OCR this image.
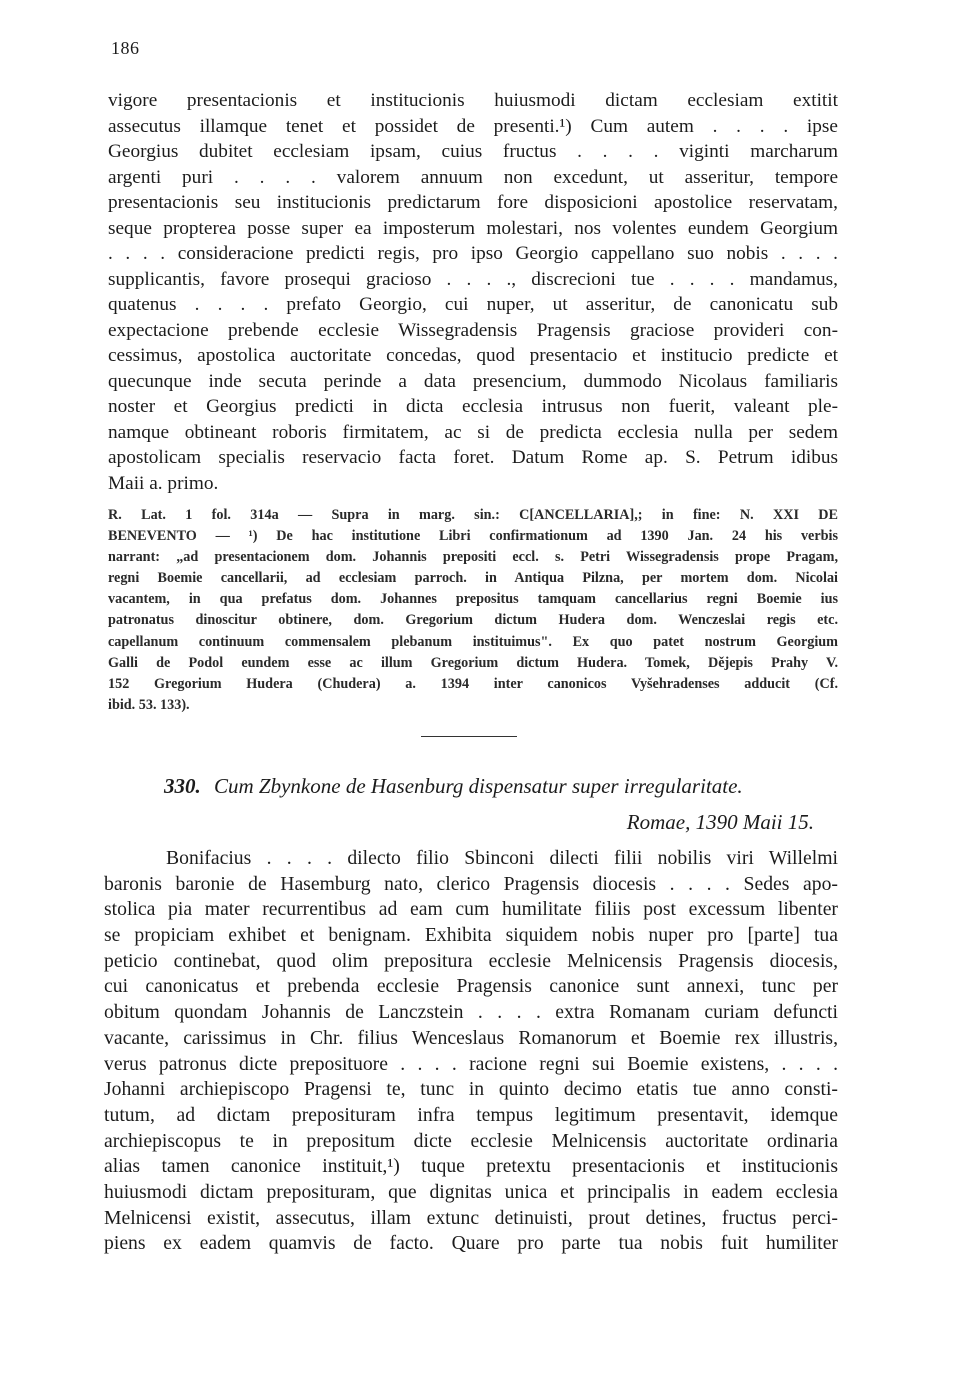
186
vigore presentacionis et institucionis huiusmodi dictam ecclesiam extitit
assecutus illamque tenet et possidet de presenti.¹) Cum autem . . . . ipse
Georgius dubitet ecclesiam ipsam, cuius fructus . . . . viginti marcharum
argenti puri . . . . valorem annuum non excedunt, ut asseritur, tempore
presentacionis seu institucionis predictarum fore disposicioni apostolice reservatam,
seque propterea posse super ea imposterum molestari, nos volentes eundem Georgium
. . . . consideracione predicti regis, pro ipso Georgio cappellano suo nobis . . . .
supplicantis, favore prosequi gracioso . . . ., discrecioni tue . . . . mandamus,
quatenus . . . . prefato Georgio, cui nuper, ut asseritur, de canonicatu sub
expectacione prebende ecclesie Wissegradensis Pragensis graciose provideri con-
cessimus, apostolica auctoritate concedas, quod presentacio et institucio predicte et
quecunque inde secuta perinde a data presencium, dummodo Nicolaus familiaris
noster et Georgius predicti in dicta ecclesia intrusus non fuerit, valeant ple-
namque obtineant roboris firmitatem, ac si de predicta ecclesia nulla per sedem
apostolicam specialis reservacio facta foret. Datum Rome ap. S. Petrum idibus
Maii a. primo.
R. Lat. 1 fol. 314a — Supra in marg. sin.: C[ANCELLARIA],; in fine: N. XXI DE
BENEVENTO — ¹) De hac institutione Libri confirmationum ad 1390 Jan. 24 his verbis
narrant: „ad presentacionem dom. Johannis prepositi eccl. s. Petri Wissegradensis prope Pragam,
regni Boemie cancellarii, ad ecclesiam parroch. in Antiqua Pilzna, per mortem dom. Nicolai
vacantem, in qua prefatus dom. Johannes prepositus tamquam cancellarius regni Boemie ius
patronatus dinoscitur obtinere, dom. Gregorium dictum Hudera dom. Wenczeslai regis etc.
capellanum continuum commensalem plebanum instituimus". Ex quo patet nostrum Georgium
Galli de Podol eundem esse ac illum Gregorium dictum Hudera. Tomek, Dějepis Prahy V.
152 Gregorium Hudera (Chudera) a. 1394 inter canonicos Vyšehradenses adducit (Cf.
ibid. 53. 133).
330. Cum Zbynkone de Hasenburg dispensatur super irregularitate.
Romae, 1390 Maii 15.
Bonifacius . . . . dilecto filio Sbinconi dilecti filii nobilis viri Willelmi
baronis baronie de Hasemburg nato, clerico Pragensis diocesis . . . . Sedes apo-
stolica pia mater recurrentibus ad eam cum humilitate filiis post excessum libenter
se propiciam exhibet et benignam. Exhibita siquidem nobis nuper pro [parte] tua
peticio continebat, quod olim prepositura ecclesie Melnicensis Pragensis diocesis,
cui canonicatus et prebenda ecclesie Pragensis canonice sunt annexi, tunc per
obitum quondam Johannis de Lanczstein . . . . extra Romanam curiam defuncti
vacante, carissimus in Chr. filius Wenceslaus Romanorum et Boemie rex illustris,
verus patronus dicte preposituore . . . . racione regni sui Boemie existens, . . . .
Johanni archiepiscopo Pragensi te, tunc in quinto decimo etatis tue anno consti-
tutum, ad dictam preposituram infra tempus legitimum presentavit, idemque
archiepiscopus te in prepositum dicte ecclesie Melnicensis auctoritate ordinaria
alias tamen canonice instituit,¹) tuque pretextu presentacionis et institucionis
huiusmodi dictam preposituram, que dignitas unica et principalis in eadem ecclesia
Melnicensi existit, assecutus, illam extunc detinuisti, prout detines, fructus perci-
piens ex eadem quamvis de facto. Quare pro parte tua nobis fuit humiliter
